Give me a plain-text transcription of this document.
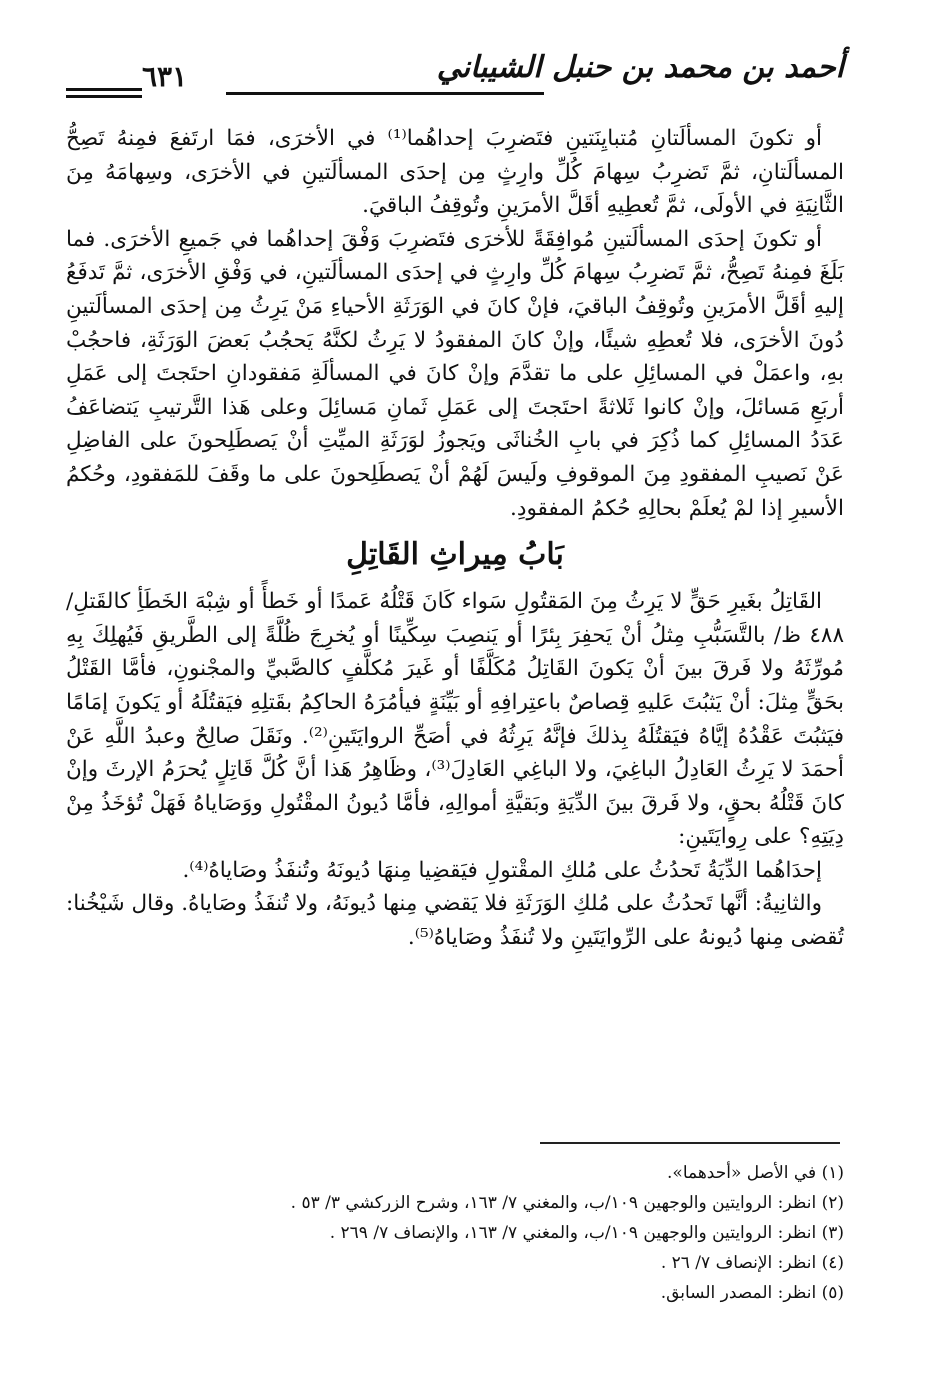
أحمد بن محمد بن حنبل الشيباني
٦٣١

أو تكونَ المسألَتانِ مُتبايِنَتينِ فتَضرِبَ إحداهُما⁽¹⁾ في الأخرَى، فمَا ارتَفعَ فمِنهُ تَصِحُّ المسألَتانِ، ثمَّ تَضرِبُ سِهامَ كُلِّ وارِثٍ مِن إحدَى المسألَتينِ في الأخرَى، وسِهامَهُ مِنَ الثَّانِيَةِ في الأولَى، ثمَّ تُعطِيهِ أقَلَّ الأمرَينِ وتُوقِفُ الباقيَ.

أو تكونَ إحدَى المسألَتينِ مُوافِقَةً للأخرَى فتَضرِبَ وَفْقَ إحداهُما في جَميعِ الأخرَى. فما بَلَغَ فمِنهُ تَصِحُّ، ثمَّ تَضرِبُ سِهامَ كُلِّ وارِثٍ في إحدَى المسألَتينِ، في وَفْقِ الأخرَى، ثمَّ تَدفَعُ إليهِ أقَلَّ الأمرَينِ وتُوقِفُ الباقيَ، فإنْ كانَ في الوَرَثَةِ الأحياءِ مَنْ يَرِثُ مِن إحدَى المسألَتينِ دُونَ الأخرَى، فلا تُعطِهِ شيئًا، وإنْ كانَ المفقودُ لا يَرِثُ لكنَّهُ يَحجُبُ بَعضَ الوَرَثَةِ، فاحجُبْ بهِ، واعمَلْ في المسائِلِ على ما تقدَّمَ وإنْ كانَ في المسألَةِ مَفقودانِ احتَجتَ إلى عَمَلِ أربَعِ مَسائلَ، وإنْ كانوا ثَلاثةً احتَجتَ إلى عَمَلِ ثَمانِ مَسائِلَ وعلى هَذا التَّرتيبِ يَتضاعَفُ عَدَدُ المسائِلِ كما ذُكِرَ في بابِ الخُناثَى ويَجوزُ لوَرَثَةِ الميِّتِ أنْ يَصطَلِحونَ على الفاضِلِ عَنْ نَصيبِ المفقودِ مِنَ الموقوفِ ولَيسَ لَهُمْ أنْ يَصطَلِحونَ على ما وقَفَ للمَفقودِ، وحُكمُ الأسيرِ إذا لمْ يُعلَمْ بحالِهِ حُكمُ المفقودِ.

بَابُ مِيراثِ القَاتِلِ

القَاتِلُ بغَيرِ حَقٍّ لا يَرِثُ مِنَ المَقتُولِ سَواء كَانَ قَتْلُهُ عَمدًا أو خَطأً أو شِبْهَ الخَطَأِ كالقَتلِ/ ٤٨٨ ظ/ بالتَّسَبُّبِ مِثلُ أنْ يَحفِرَ بِئرًا أو يَنصِبَ سِكِّينًا أو يُخرِجَ ظُلَّةً إلى الطَّريقِ فَيُهلِكَ بِهِ مُورِّثَهُ ولا فَرقَ بينَ أنْ يَكونَ القَاتِلُ مُكَلَّفًا أو غَيرَ مُكلَّفٍ كالصَّبيِّ والمجْنونِ، فأمَّا القَتْلُ بحَقٍّ مِثلَ: أنْ يَثبُتَ عَليهِ قِصاصٌ باعتِرافِهِ أو بَيِّنَةٍ فيأمُرَهُ الحاكِمُ بقَتلِهِ فيَقتُلَهُ أو يَكونَ إمَامًا فيَثبُتَ عَقْدُهُ إيَّاهُ فيَقتُلَهُ بِذلكَ فإنَّهُ يَرِثُهُ في أصَحِّ الروايَتَينِ⁽²⁾. ونَقَلَ صالِحٌ وعبدُ اللَّهِ عَنْ أحمَدَ لا يَرِثُ العَادِلُ الباغِيَ، ولا الباغِي العَادِلَ⁽³⁾، وظَاهِرُ هَذا أنَّ كُلَّ قَاتِلٍ يُحرَمُ الإرثَ وإنْ كانَ قَتْلُهُ بحقٍ، ولا فَرقَ بينَ الدِّيَةِ وبَقيَّةِ أموالِهِ، فأمَّا دُيونُ المقْتُولِ ووَصَاياهُ فَهَلْ تُؤخَذُ مِنْ دِيَتِهِ؟ على رِوايَتَينِ:

إحدَاهُما الدِّيَةُ تَحدُثُ على مُلكِ المقْتولِ فيَقضِيا مِنهَا دُيونَهُ وتُنفَذُ وصَاياهُ⁽⁴⁾.

والثانِيةُ: أنَّها تَحدُثُ على مُلكِ الوَرَثَةِ فلا يَقضي مِنها دُيونَهُ، ولا تُنفَذُ وصَاياهُ. وقال شَيْخُنا: تُقضى مِنها دُيونهُ على الرِّوايَتَينِ ولا تُنفَذُ وصَاياهُ⁽⁵⁾.

(١) في الأصل «أحدهما».
(٢) انظر: الروايتين والوجهين ١٠٩/ب، والمغني ٧/ ١٦٣، وشرح الزركشي ٣/ ٥٣ .
(٣) انظر: الروايتين والوجهين ١٠٩/ب، والمغني ٧/ ١٦٣، والإنصاف ٧/ ٢٦٩ .
(٤) انظر: الإنصاف ٧/ ٢٦ .
(٥) انظر: المصدر السابق.
